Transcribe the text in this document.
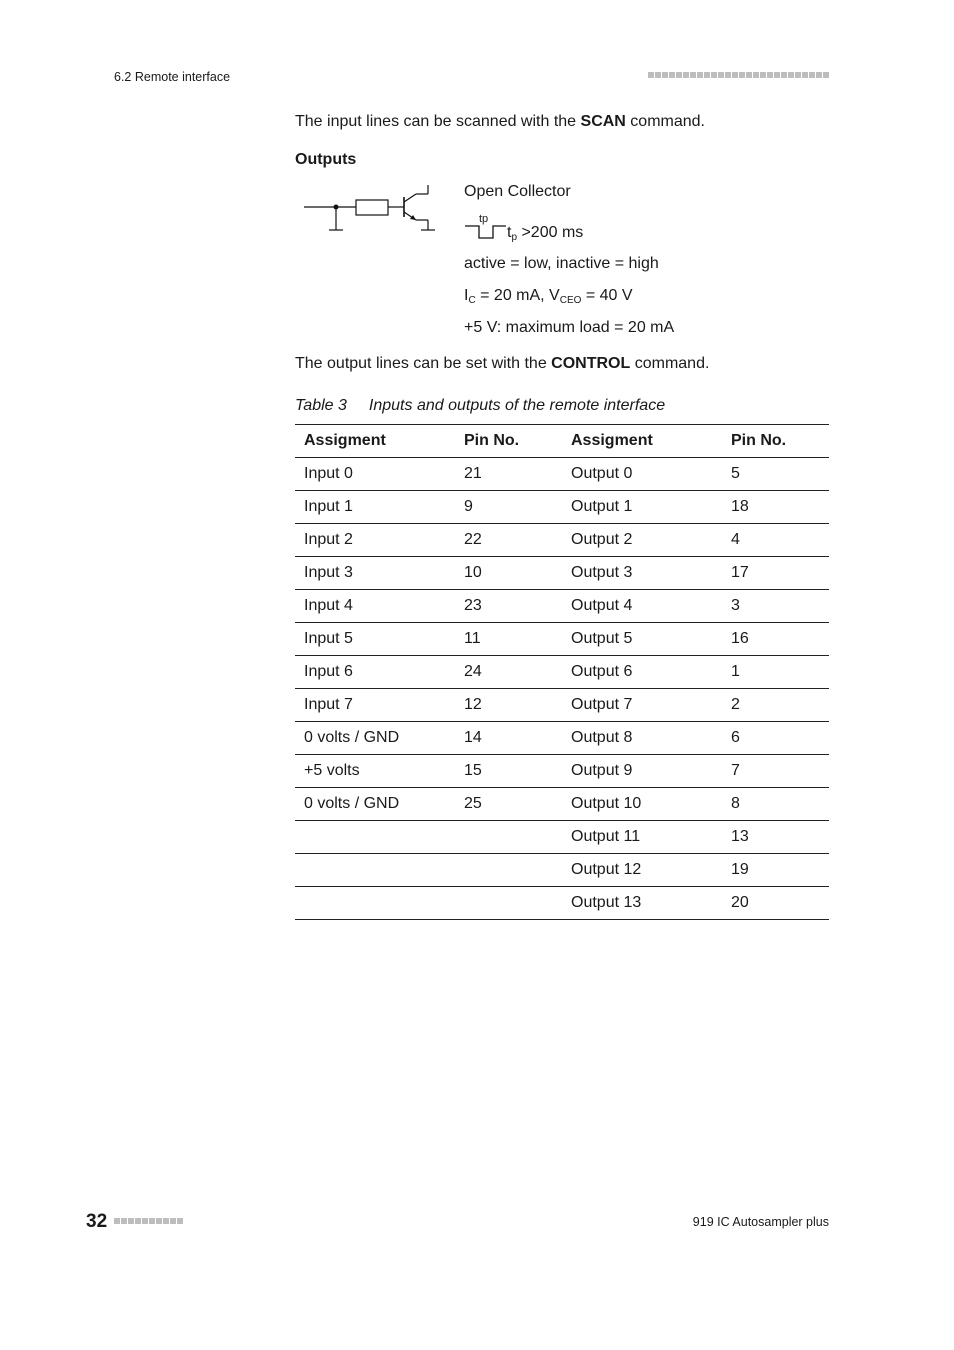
6.2 Remote interface
The input lines can be scanned with the SCAN command.
Outputs
Open Collector
tp
$t_p >200$ ms
active = low, inactive = high
$I_C = 20$ mA, $V_{CEO} = 40$ V
+5 V: maximum load = 20 mA
The output lines can be set with the CONTROL command.
Table 3 Inputs and outputs of the remote interface
Assigment	Pin No.	Assigment	Pin No.
Input 0	21	Output 0	5
Input 1	9	Output 1	18
Input 2	22	Output 2	4
Input 3	10	Output 3	17
Input 4	23	Output 4	3
Input 5	11	Output 5	16
Input 6	24	Output 6	1
Input 7	12	Output 7	2
0 volts / GND	14	Output 8	6
+5 volts	15	Output 9	7
0 volts / GND	25	Output 10	8
		Output 11	13
		Output 12	19
		Output 13	20
32	919 IC Autosampler plus
